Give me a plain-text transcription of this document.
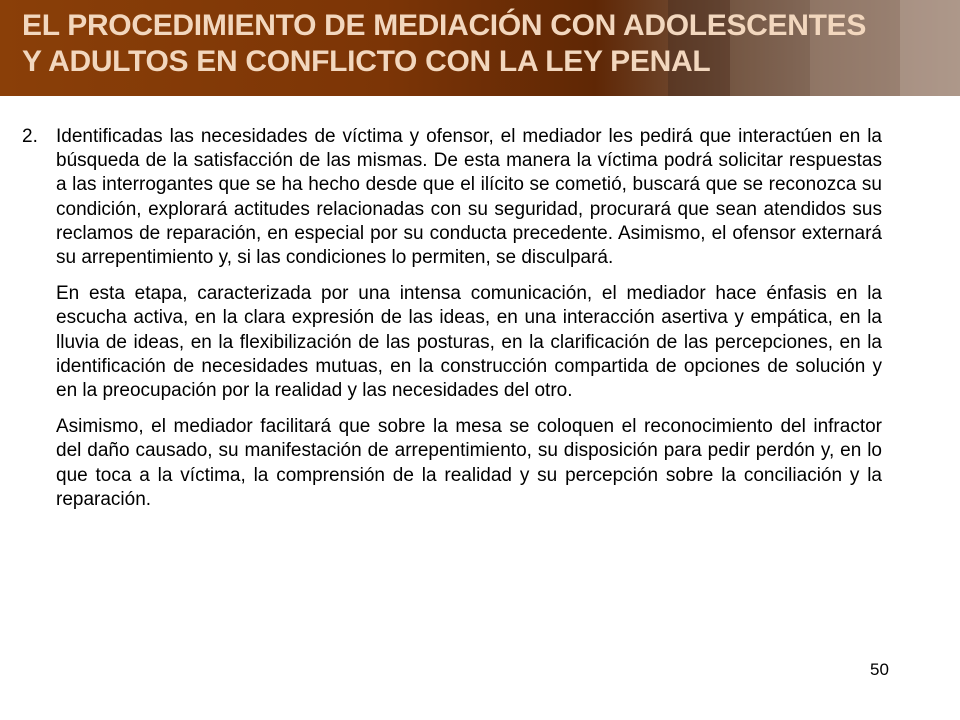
EL PROCEDIMIENTO DE MEDIACIÓN CON ADOLESCENTES
Y ADULTOS EN CONFLICTO CON LA LEY PENAL
2. Identificadas las necesidades de víctima y ofensor, el mediador les pedirá que interactúen en la búsqueda de la satisfacción de las mismas. De esta manera la víctima podrá solicitar respuestas a las interrogantes que se ha hecho desde que el ilícito se cometió, buscará que se reconozca su condición, explorará actitudes relacionadas con su seguridad, procurará que sean atendidos sus reclamos de reparación, en especial por su conducta precedente. Asimismo, el ofensor externará su arrepentimiento y, si las condiciones lo permiten, se disculpará.

En esta etapa, caracterizada por una intensa comunicación, el mediador hace énfasis en la escucha activa, en la clara expresión de las ideas, en una interacción asertiva y empática, en la lluvia de ideas, en la flexibilización de las posturas, en la clarificación de las percepciones, en la identificación de necesidades mutuas, en la construcción compartida de opciones de solución y en la preocupación por la realidad y las necesidades del otro.

Asimismo, el mediador facilitará que sobre la mesa se coloquen el reconocimiento del infractor del daño causado, su manifestación de arrepentimiento, su disposición para pedir perdón y, en lo que toca a la víctima, la comprensión de la realidad y su percepción sobre la conciliación y la reparación.

50
